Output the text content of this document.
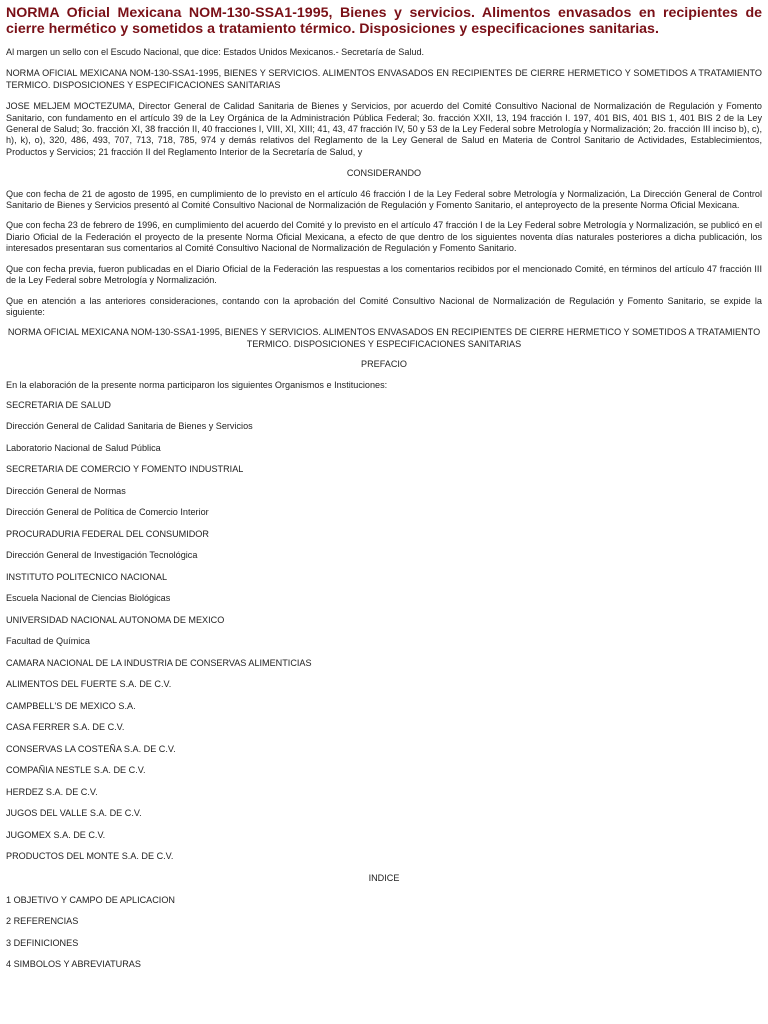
NORMA Oficial Mexicana NOM-130-SSA1-1995, Bienes y servicios. Alimentos envasados en recipientes de cierre hermético y sometidos a tratamiento térmico. Disposiciones y especificaciones sanitarias.

Al margen un sello con el Escudo Nacional, que dice: Estados Unidos Mexicanos.- Secretaría de Salud.

NORMA OFICIAL MEXICANA NOM-130-SSA1-1995, BIENES Y SERVICIOS. ALIMENTOS ENVASADOS EN RECIPIENTES DE CIERRE HERMETICO Y SOMETIDOS A TRATAMIENTO TERMICO. DISPOSICIONES Y ESPECIFICACIONES SANITARIAS

JOSE MELJEM MOCTEZUMA, Director General de Calidad Sanitaria de Bienes y Servicios, por acuerdo del Comité Consultivo Nacional de Normalización de Regulación y Fomento Sanitario, con fundamento en el artículo 39 de la Ley Orgánica de la Administración Pública Federal; 3o. fracción XXII, 13, 194 fracción I. 197, 401 BIS, 401 BIS 1, 401 BIS 2 de la Ley General de Salud; 3o. fracción XI, 38 fracción II, 40 fracciones I, VIII, XI, XIII; 41, 43, 47 fracción IV, 50 y 53 de la Ley Federal sobre Metrología y Normalización; 2o. fracción III inciso b), c), h), k), o), 320, 486, 493, 707, 713, 718, 785, 974 y demás relativos del Reglamento de la Ley General de Salud en Materia de Control Sanitario de Actividades, Establecimientos, Productos y Servicios; 21 fracción II del Reglamento Interior de la Secretaría de Salud, y

CONSIDERANDO

Que con fecha de 21 de agosto de 1995, en cumplimiento de lo previsto en el artículo 46 fracción I de la Ley Federal sobre Metrología y Normalización, La Dirección General de Control Sanitario de Bienes y Servicios presentó al Comité Consultivo Nacional de Normalización de Regulación y Fomento Sanitario, el anteproyecto de la presente Norma Oficial Mexicana.

Que con fecha 23 de febrero de 1996, en cumplimiento del acuerdo del Comité y lo previsto en el artículo 47 fracción I de la Ley Federal sobre Metrología y Normalización, se publicó en el Diario Oficial de la Federación el proyecto de la presente Norma Oficial Mexicana, a efecto de que dentro de los siguientes noventa días naturales posteriores a dicha publicación, los interesados presentaran sus comentarios al Comité Consultivo Nacional de Normalización de Regulación y Fomento Sanitario.

Que con fecha previa, fueron publicadas en el Diario Oficial de la Federación las respuestas a los comentarios recibidos por el mencionado Comité, en términos del artículo 47 fracción III de la Ley Federal sobre Metrología y Normalización.

Que en atención a las anteriores consideraciones, contando con la aprobación del Comité Consultivo Nacional de Normalización de Regulación y Fomento Sanitario, se expide la siguiente:

NORMA OFICIAL MEXICANA NOM-130-SSA1-1995, BIENES Y SERVICIOS. ALIMENTOS ENVASADOS EN RECIPIENTES DE CIERRE HERMETICO Y SOMETIDOS A TRATAMIENTO TERMICO. DISPOSICIONES Y ESPECIFICACIONES SANITARIAS

PREFACIO

En la elaboración de la presente norma participaron los siguientes Organismos e Instituciones:

SECRETARIA DE SALUD

Dirección General de Calidad Sanitaria de Bienes y Servicios

Laboratorio Nacional de Salud Pública

SECRETARIA DE COMERCIO Y FOMENTO INDUSTRIAL

Dirección General de Normas

Dirección General de Política de Comercio Interior

PROCURADURIA FEDERAL DEL CONSUMIDOR

Dirección General de Investigación Tecnológica

INSTITUTO POLITECNICO NACIONAL

Escuela Nacional de Ciencias Biológicas

UNIVERSIDAD NACIONAL AUTONOMA DE MEXICO

Facultad de Química

CAMARA NACIONAL DE LA INDUSTRIA DE CONSERVAS ALIMENTICIAS

ALIMENTOS DEL FUERTE S.A. DE C.V.

CAMPBELL'S DE MEXICO S.A.

CASA FERRER S.A. DE C.V.

CONSERVAS LA COSTEÑA S.A. DE C.V.

COMPAÑIA NESTLE S.A. DE C.V.

HERDEZ S.A. DE C.V.

JUGOS DEL VALLE S.A. DE C.V.

JUGOMEX S.A. DE C.V.

PRODUCTOS DEL MONTE S.A. DE C.V.

INDICE

1 OBJETIVO Y CAMPO DE APLICACION

2 REFERENCIAS

3 DEFINICIONES

4 SIMBOLOS Y ABREVIATURAS
